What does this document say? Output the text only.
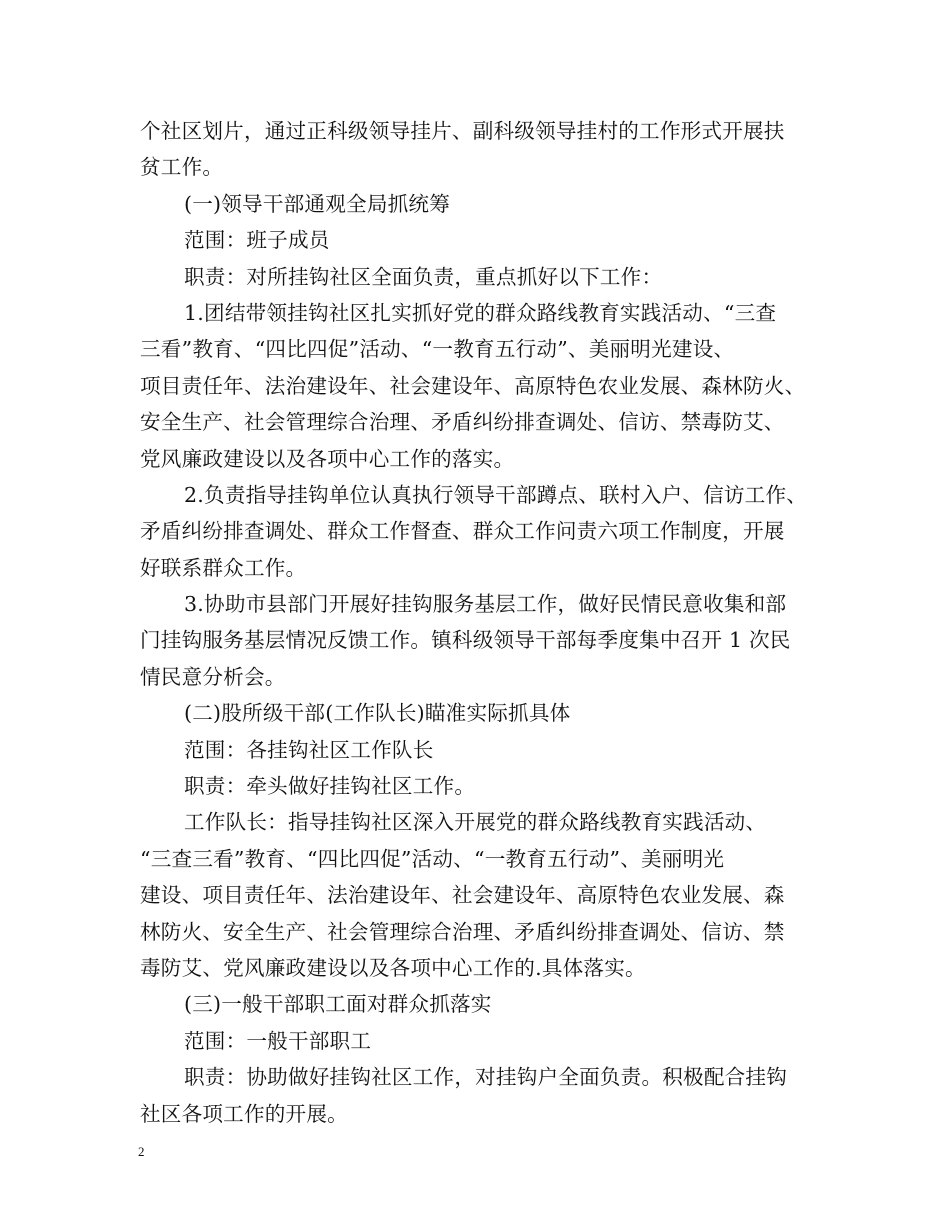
个社区划片，通过正科级领导挂片、副科级领导挂村的工作形式开展扶
贫工作。
(一)领导干部通观全局抓统筹
范围：班子成员
职责：对所挂钩社区全面负责，重点抓好以下工作：
1.团结带领挂钩社区扎实抓好党的群众路线教育实践活动、“三查
三看”教育、“四比四促”活动、“一教育五行动”、美丽明光建设、
项目责任年、法治建设年、社会建设年、高原特色农业发展、森林防火、
安全生产、社会管理综合治理、矛盾纠纷排查调处、信访、禁毒防艾、
党风廉政建设以及各项中心工作的落实。
2.负责指导挂钩单位认真执行领导干部蹲点、联村入户、信访工作、
矛盾纠纷排查调处、群众工作督查、群众工作问责六项工作制度，开展
好联系群众工作。
3.协助市县部门开展好挂钩服务基层工作，做好民情民意收集和部
门挂钩服务基层情况反馈工作。镇科级领导干部每季度集中召开 1 次民
情民意分析会。
(二)股所级干部(工作队长)瞄准实际抓具体
范围：各挂钩社区工作队长
职责：牵头做好挂钩社区工作。
工作队长：指导挂钩社区深入开展党的群众路线教育实践活动、
“三查三看”教育、“四比四促”活动、“一教育五行动”、美丽明光
建设、项目责任年、法治建设年、社会建设年、高原特色农业发展、森
林防火、安全生产、社会管理综合治理、矛盾纠纷排查调处、信访、禁
毒防艾、党风廉政建设以及各项中心工作的.具体落实。
(三)一般干部职工面对群众抓落实
范围：一般干部职工
职责：协助做好挂钩社区工作，对挂钩户全面负责。积极配合挂钩
社区各项工作的开展。
2
